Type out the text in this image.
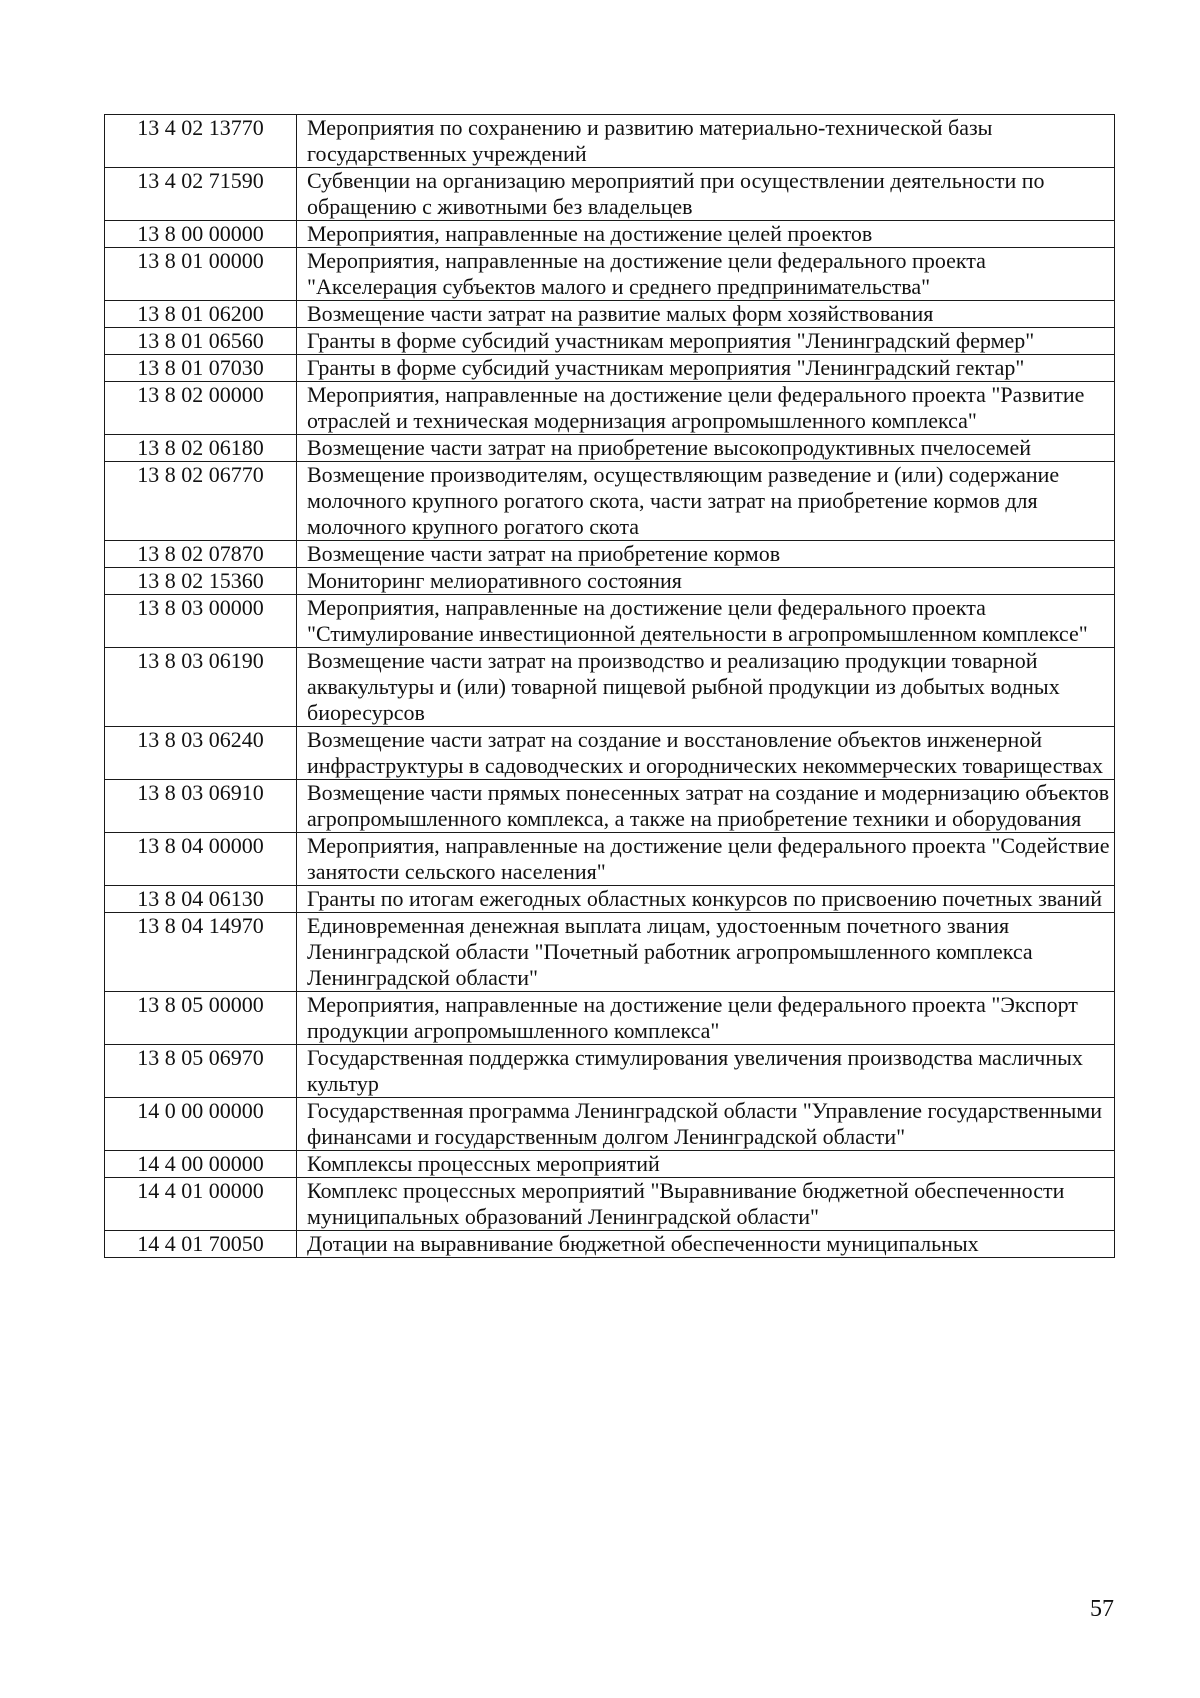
13 4 02 13770	Мероприятия по сохранению и развитию материально-технической базы государственных учреждений
13 4 02 71590	Субвенции на организацию мероприятий при осуществлении деятельности по обращению с животными без владельцев
13 8 00 00000	Мероприятия, направленные на достижение целей проектов
13 8 01 00000	Мероприятия, направленные на достижение цели федерального проекта "Акселерация субъектов малого и среднего предпринимательства"
13 8 01 06200	Возмещение части затрат на развитие малых форм хозяйствования
13 8 01 06560	Гранты в форме субсидий участникам мероприятия "Ленинградский фермер"
13 8 01 07030	Гранты в форме субсидий участникам мероприятия "Ленинградский гектар"
13 8 02 00000	Мероприятия, направленные на достижение цели федерального проекта "Развитие отраслей и техническая модернизация агропромышленного комплекса"
13 8 02 06180	Возмещение части затрат на приобретение высокопродуктивных пчелосемей
13 8 02 06770	Возмещение производителям, осуществляющим разведение и (или) содержание молочного крупного рогатого скота, части затрат на приобретение кормов для молочного крупного рогатого скота
13 8 02 07870	Возмещение части затрат на приобретение кормов
13 8 02 15360	Мониторинг мелиоративного состояния
13 8 03 00000	Мероприятия, направленные на достижение цели федерального проекта "Стимулирование инвестиционной деятельности в агропромышленном комплексе"
13 8 03 06190	Возмещение части затрат на производство и реализацию продукции товарной аквакультуры и (или) товарной пищевой рыбной продукции из добытых водных биоресурсов
13 8 03 06240	Возмещение части затрат на создание и восстановление объектов инженерной инфраструктуры в садоводческих и огороднических некоммерческих товариществах
13 8 03 06910	Возмещение части прямых понесенных затрат на создание и модернизацию объектов агропромышленного комплекса, а также на приобретение техники и оборудования
13 8 04 00000	Мероприятия, направленные на достижение цели федерального проекта "Содействие занятости сельского населения"
13 8 04 06130	Гранты по итогам ежегодных областных конкурсов по присвоению почетных званий
13 8 04 14970	Единовременная денежная выплата лицам, удостоенным почетного звания Ленинградской области "Почетный работник агропромышленного комплекса Ленинградской области"
13 8 05 00000	Мероприятия, направленные на достижение цели федерального проекта "Экспорт продукции агропромышленного комплекса"
13 8 05 06970	Государственная поддержка стимулирования увеличения производства масличных культур
14 0 00 00000	Государственная программа Ленинградской области "Управление государственными финансами и государственным долгом Ленинградской области"
14 4 00 00000	Комплексы процессных мероприятий
14 4 01 00000	Комплекс процессных мероприятий "Выравнивание бюджетной обеспеченности муниципальных образований Ленинградской области"
14 4 01 70050	Дотации на выравнивание бюджетной обеспеченности муниципальных
57
